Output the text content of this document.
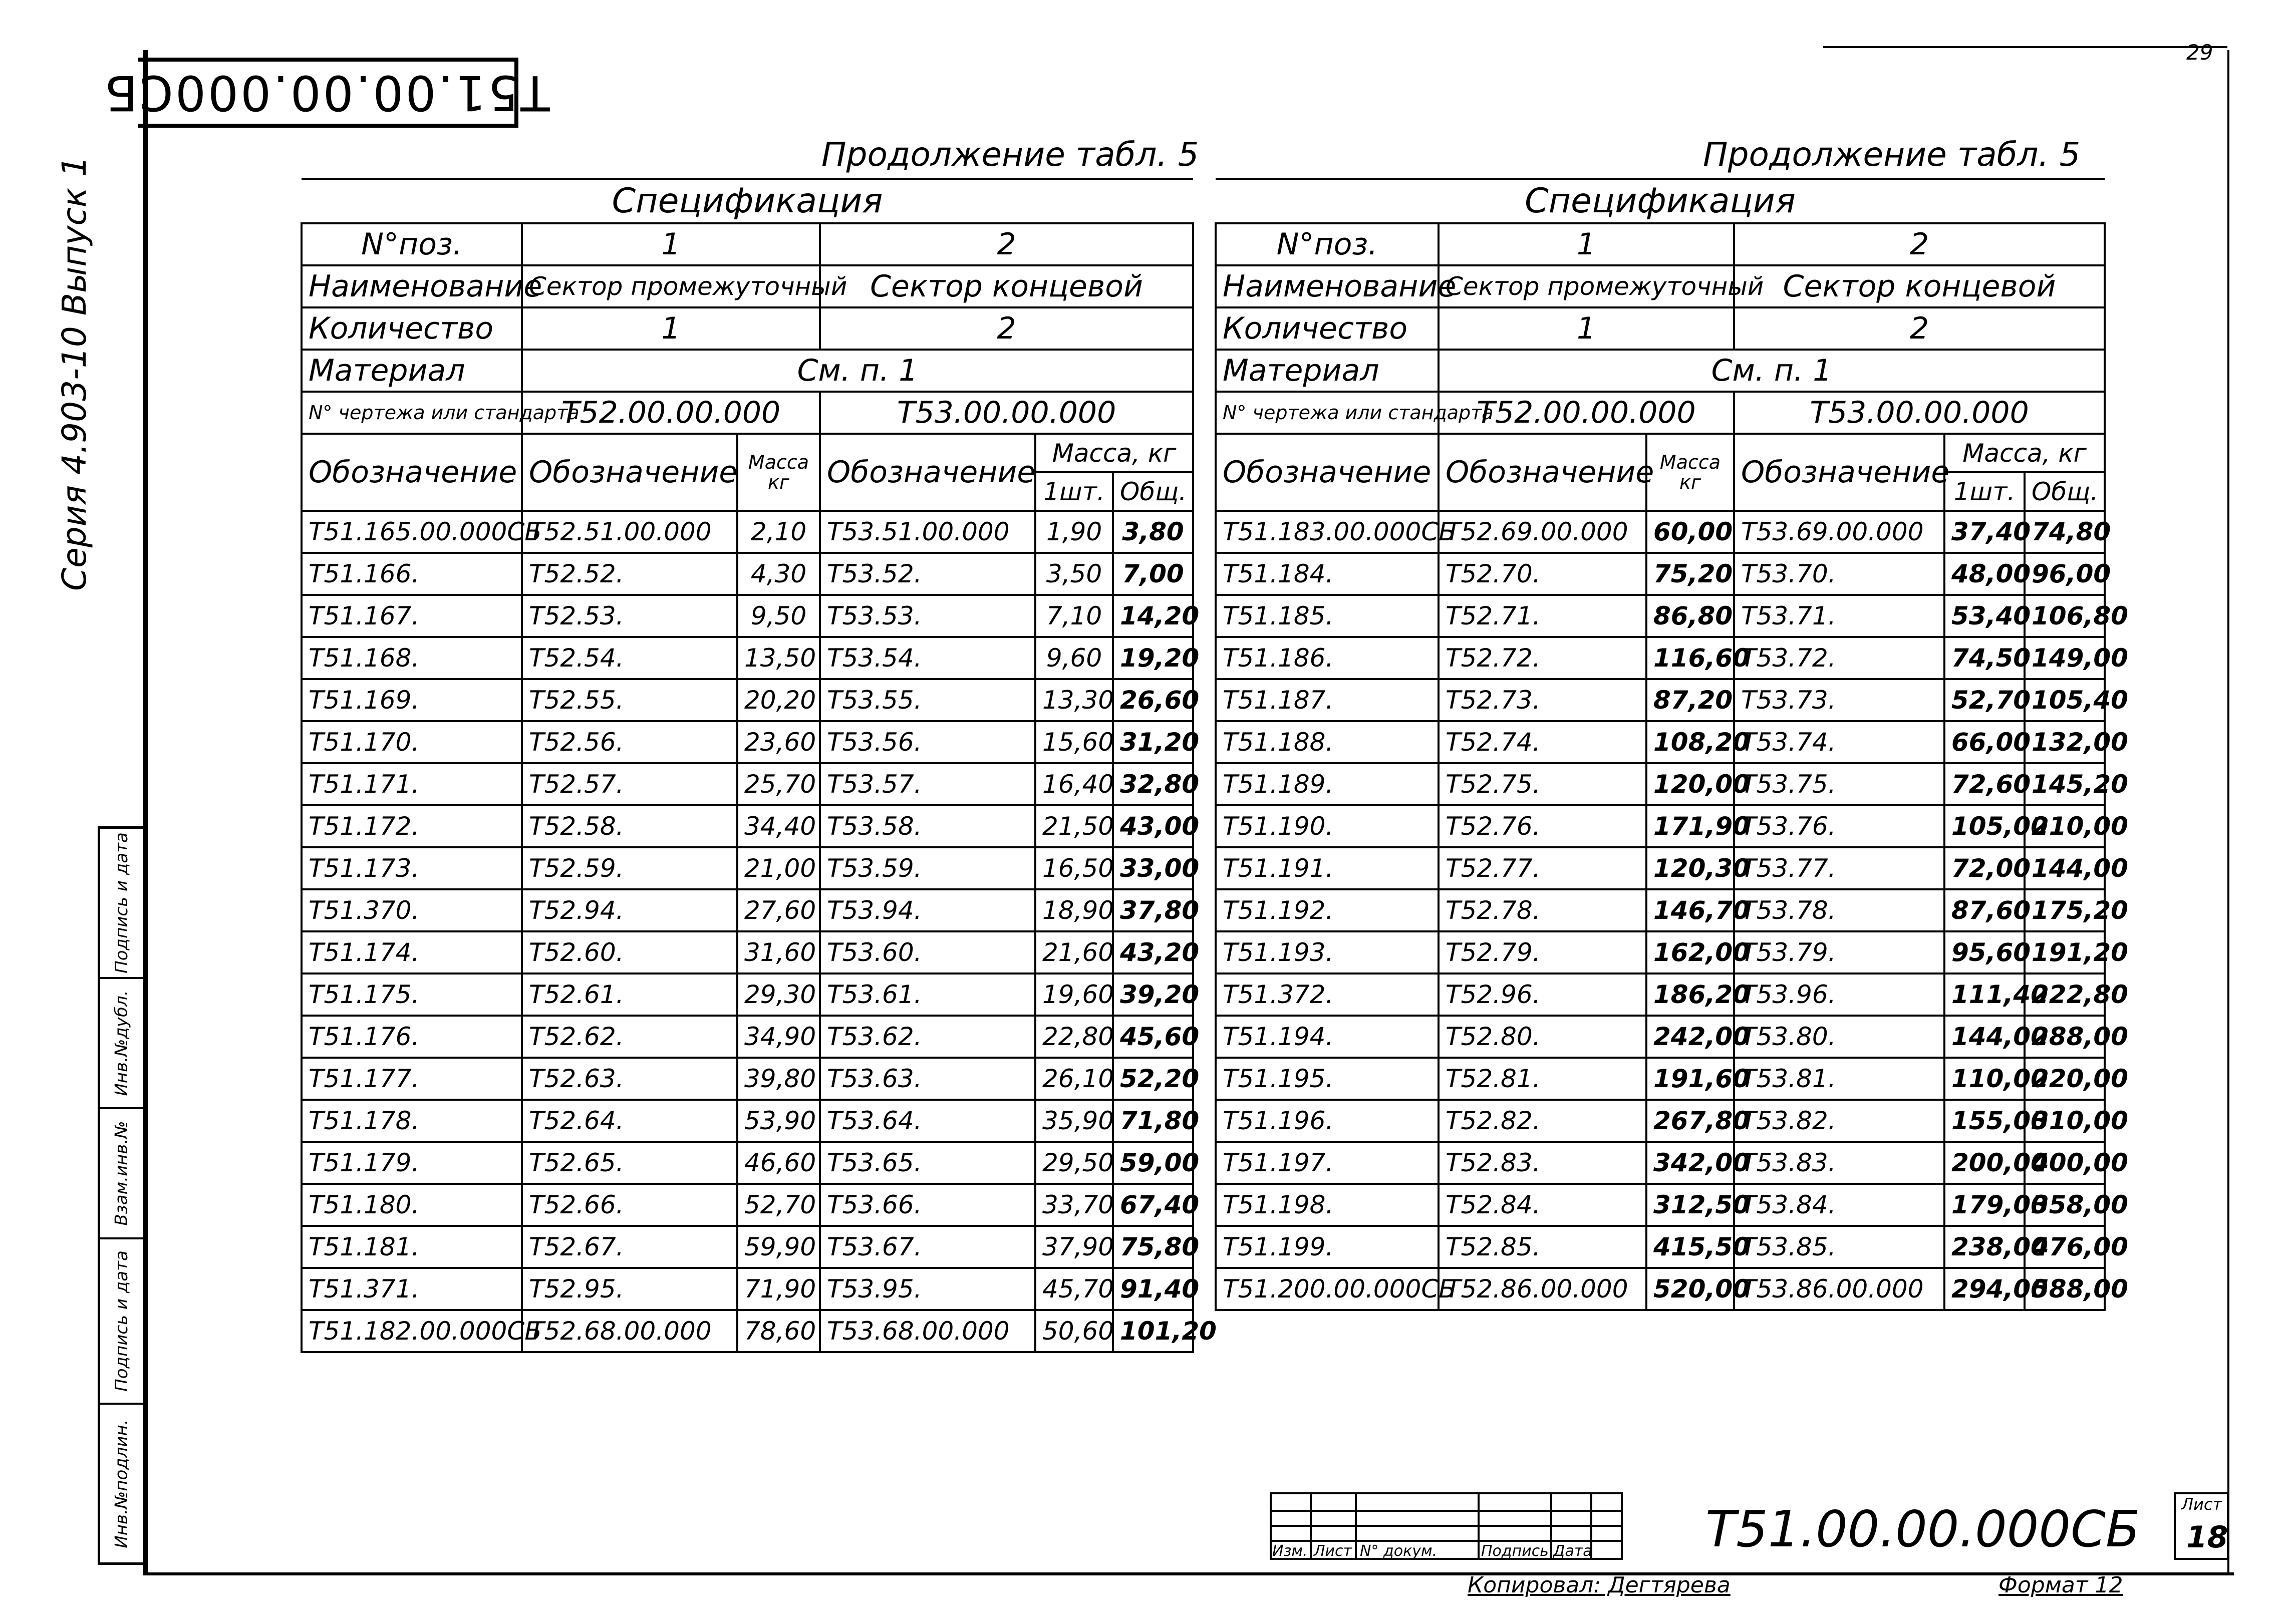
29
Т51.00.00.000СБ
Серия 4.903-10 Выпуск 1
Подпись и дата
Инв.№дубл.
Взам.инв.№
Подпись и дата
Инв.№подлин.
Продолжение табл. 5
Спецификация					
N°поз.	1		2		
Наименование	Сектор промежуточный		Сектор концевой		
Количество	1		2		
Материал	См. п. 1				
N° чертежа или стандарта	Т52.00.00.000		Т53.00.00.000		
Обозначение	Обозначение	Масса кг	Обозначение	Масса, кг	
				1шт.	Общ.
Т51.165.00.000СБ	Т52.51.00.000	2,10	Т53.51.00.000	1,90	3,80
Т51.166.	Т52.52.	4,30	Т53.52.	3,50	7,00
Т51.167.	Т52.53.	9,50	Т53.53.	7,10	14,20
Т51.168.	Т52.54.	13,50	Т53.54.	9,60	19,20
Т51.169.	Т52.55.	20,20	Т53.55.	13,30	26,60
Т51.170.	Т52.56.	23,60	Т53.56.	15,60	31,20
Т51.171.	Т52.57.	25,70	Т53.57.	16,40	32,80
Т51.172.	Т52.58.	34,40	Т53.58.	21,50	43,00
Т51.173.	Т52.59.	21,00	Т53.59.	16,50	33,00
Т51.370.	Т52.94.	27,60	Т53.94.	18,90	37,80
Т51.174.	Т52.60.	31,60	Т53.60.	21,60	43,20
Т51.175.	Т52.61.	29,30	Т53.61.	19,60	39,20
Т51.176.	Т52.62.	34,90	Т53.62.	22,80	45,60
Т51.177.	Т52.63.	39,80	Т53.63.	26,10	52,20
Т51.178.	Т52.64.	53,90	Т53.64.	35,90	71,80
Т51.179.	Т52.65.	46,60	Т53.65.	29,50	59,00
Т51.180.	Т52.66.	52,70	Т53.66.	33,70	67,40
Т51.181.	Т52.67.	59,90	Т53.67.	37,90	75,80
Т51.371.	Т52.95.	71,90	Т53.95.	45,70	91,40
Т51.182.00.000СБ	Т52.68.00.000	78,60	Т53.68.00.000	50,60	101,20
Продолжение табл. 5
Спецификация					
N°поз.	1		2		
Наименование	Сектор промежуточный		Сектор концевой		
Количество	1		2		
Материал	См. п. 1				
N° чертежа или стандарта	Т52.00.00.000		Т53.00.00.000		
Обозначение	Обозначение	Масса кг	Обозначение	Масса, кг	
				1шт.	Общ.
Т51.183.00.000СБ	Т52.69.00.000	60,00	Т53.69.00.000	37,40	74,80
Т51.184.	Т52.70.	75,20	Т53.70.	48,00	96,00
Т51.185.	Т52.71.	86,80	Т53.71.	53,40	106,80
Т51.186.	Т52.72.	116,60	Т53.72.	74,50	149,00
Т51.187.	Т52.73.	87,20	Т53.73.	52,70	105,40
Т51.188.	Т52.74.	108,20	Т53.74.	66,00	132,00
Т51.189.	Т52.75.	120,00	Т53.75.	72,60	145,20
Т51.190.	Т52.76.	171,90	Т53.76.	105,00	210,00
Т51.191.	Т52.77.	120,30	Т53.77.	72,00	144,00
Т51.192.	Т52.78.	146,70	Т53.78.	87,60	175,20
Т51.193.	Т52.79.	162,00	Т53.79.	95,60	191,20
Т51.372.	Т52.96.	186,20	Т53.96.	111,40	222,80
Т51.194.	Т52.80.	242,00	Т53.80.	144,00	288,00
Т51.195.	Т52.81.	191,60	Т53.81.	110,00	220,00
Т51.196.	Т52.82.	267,80	Т53.82.	155,00	310,00
Т51.197.	Т52.83.	342,00	Т53.83.	200,00	400,00
Т51.198.	Т52.84.	312,50	Т53.84.	179,00	358,00
Т51.199.	Т52.85.	415,50	Т53.85.	238,00	476,00
Т51.200.00.000СБ	Т52.86.00.000	520,00	Т53.86.00.000	294,00	588,00
Изм. Лист N° докум.	Подпись Дата Т51.00.00.000СБ	Лист
18
Копировал: Дегтярева	Формат 12
